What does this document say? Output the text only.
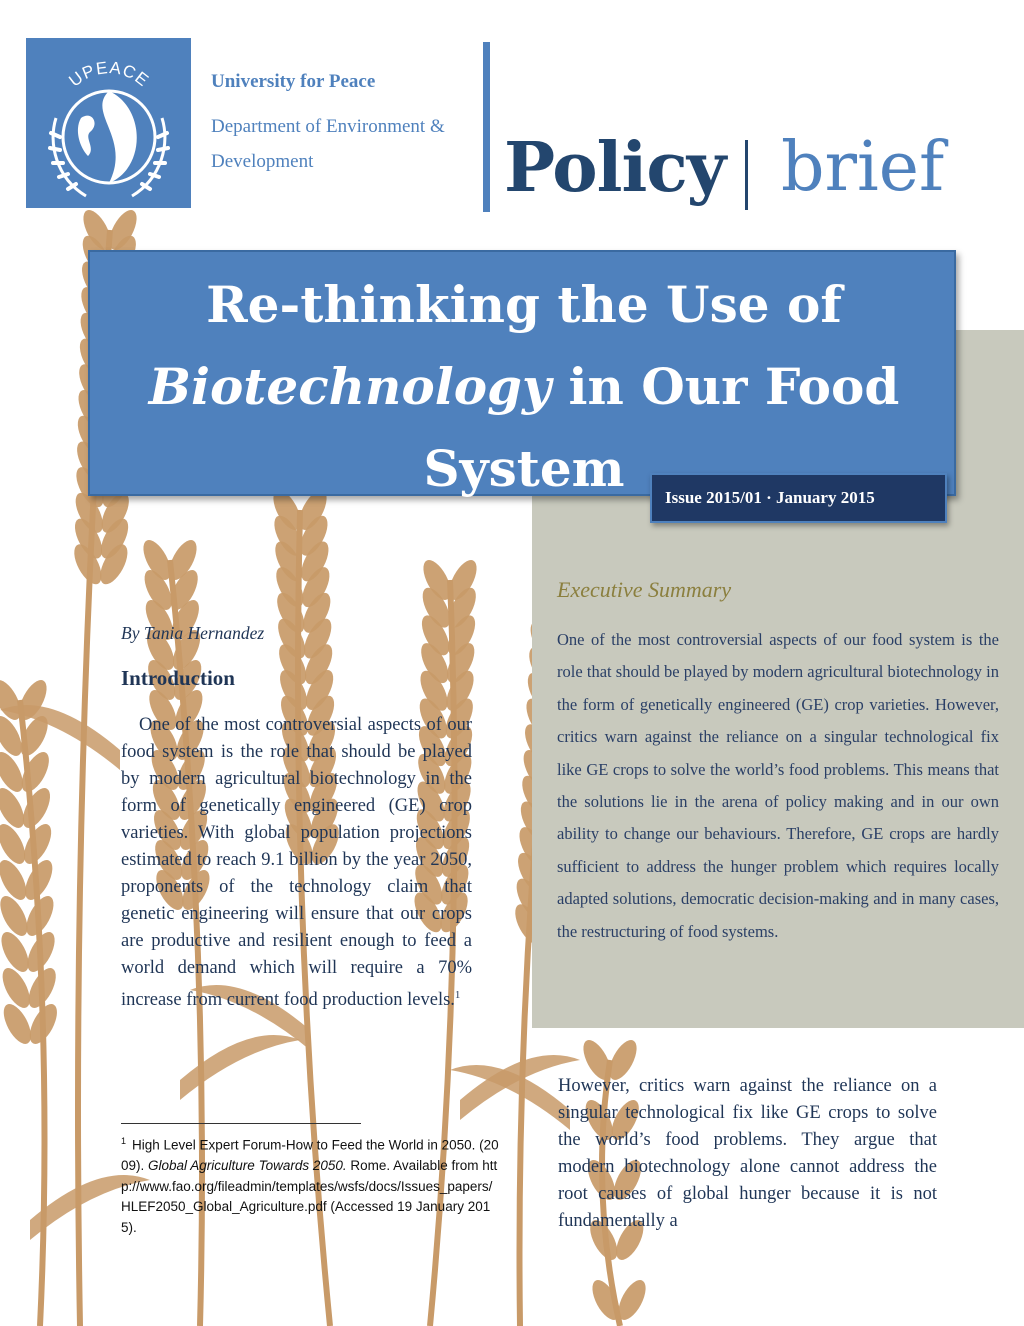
UPEACE	University for Peace
Department of Environment & Development	Policy brief
Re-thinking the Use of
Biotechnology in Our Food
System	Issue 2015/01 · January 2015
Executive Summary
One of the most controversial aspects of our food system is the role that should be played by modern agricultural biotechnology in the form of genetically engineered (GE) crop varieties. However, critics warn against the reliance on a singular technological fix like GE crops to solve the world’s food problems. This means that the solutions lie in the arena of policy making and in our own ability to change our behaviours. Therefore, GE crops are hardly sufficient to address the hunger problem which requires locally adapted solutions, democratic decision-making and in many cases, the restructuring of food systems.
By Tania Hernandez
Introduction
One of the most controversial aspects of our food system is the role that should be played by modern agricultural biotechnology in the form of genetically engineered (GE) crop varieties. With global population projections estimated to reach 9.1 billion by the year 2050, proponents of the technology claim that genetic engineering will ensure that our crops are productive and resilient enough to feed a world demand which will require a 70% increase from current food production levels.$^1$
$^1$ High Level Expert Forum-How to Feed the World in 2050. (2009). Global Agriculture Towards 2050. Rome. Available from http://www.fao.org/fileadmin/templates/wsfs/docs/Issues_papers/HLEF2050_Global_Agriculture.pdf (Accessed 19 January 2015).
However, critics warn against the reliance on a singular technological fix like GE crops to solve the world’s food problems. They argue that modern biotechnology alone cannot address the root causes of global hunger because it is not fundamentally a
